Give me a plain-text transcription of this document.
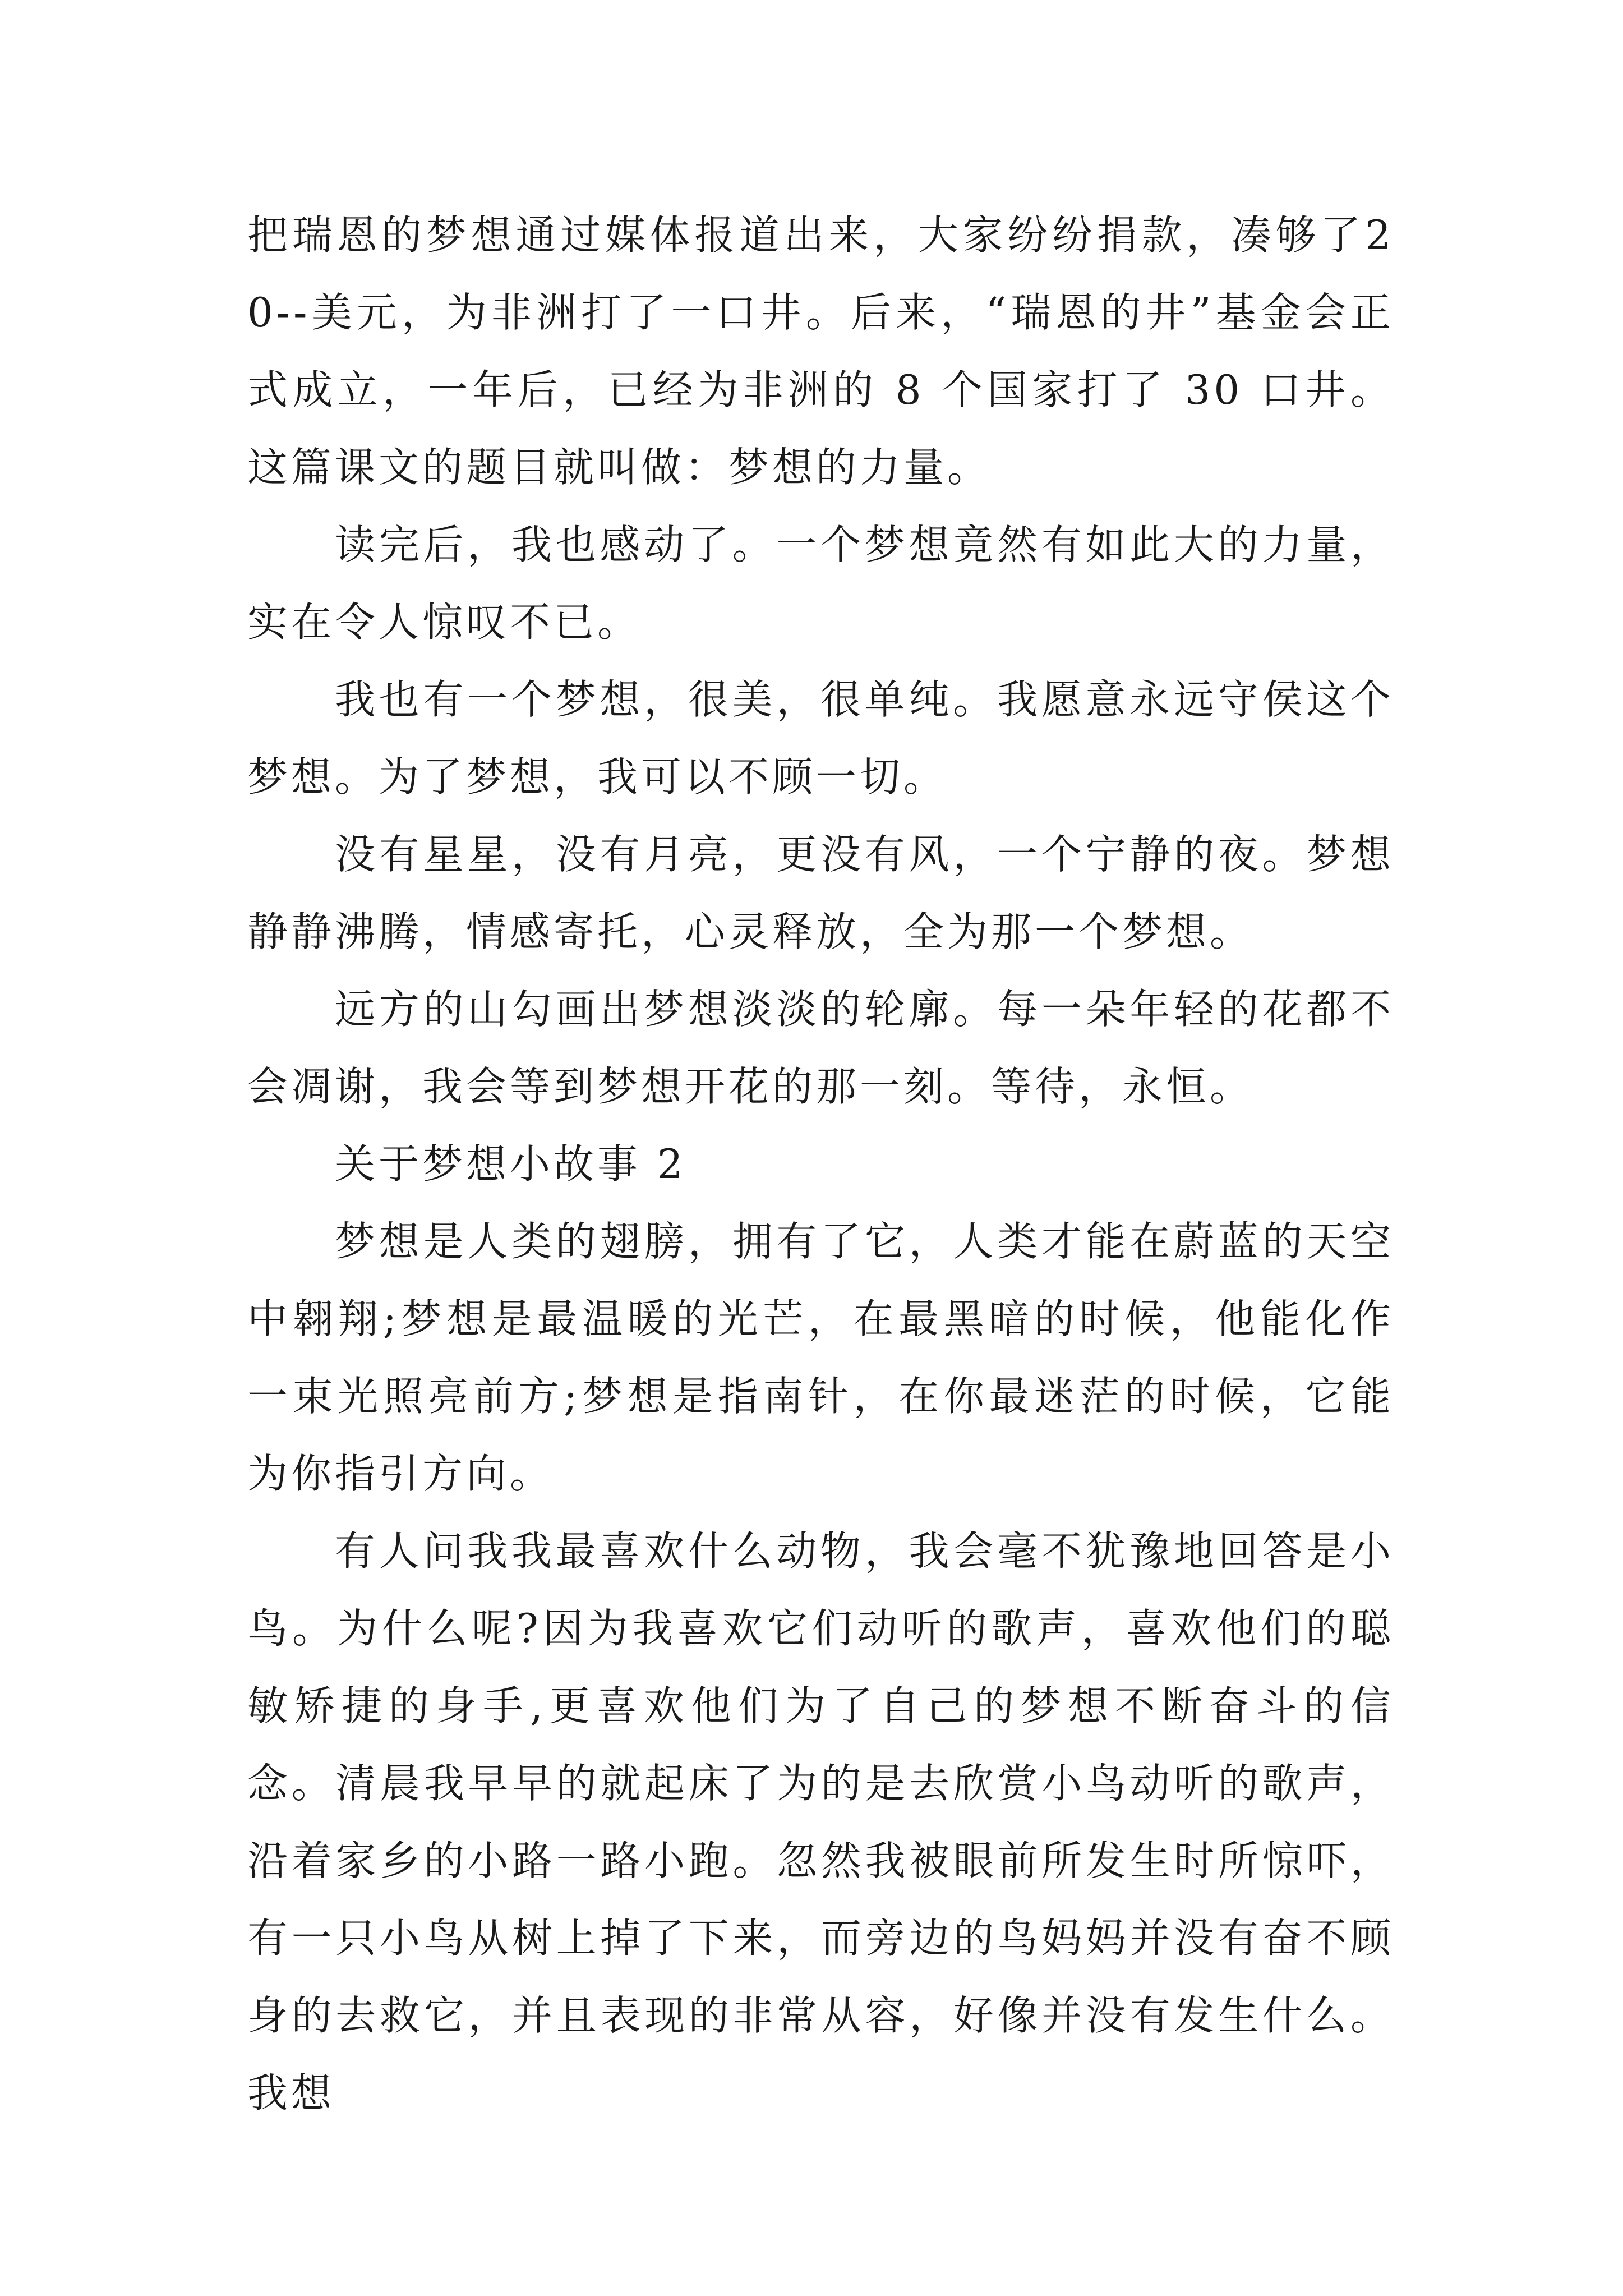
把瑞恩的梦想通过媒体报道出来，大家纷纷捐款，凑够了20--美元，为非洲打了一口井。后来，“瑞恩的井”基金会正式成立，一年后，已经为非洲的 8 个国家打了 30 口井。这篇课文的题目就叫做：梦想的力量。

读完后，我也感动了。一个梦想竟然有如此大的力量，实在令人惊叹不已。

我也有一个梦想，很美，很单纯。我愿意永远守侯这个梦想。为了梦想，我可以不顾一切。

没有星星，没有月亮，更没有风，一个宁静的夜。梦想静静沸腾，情感寄托，心灵释放，全为那一个梦想。

远方的山勾画出梦想淡淡的轮廓。每一朵年轻的花都不会凋谢，我会等到梦想开花的那一刻。等待，永恒。

关于梦想小故事 2

梦想是人类的翅膀，拥有了它，人类才能在蔚蓝的天空中翱翔;梦想是最温暖的光芒，在最黑暗的时候，他能化作一束光照亮前方;梦想是指南针，在你最迷茫的时候，它能为你指引方向。

有人问我我最喜欢什么动物，我会毫不犹豫地回答是小鸟。为什么呢?因为我喜欢它们动听的歌声，喜欢他们的聪敏矫捷的身手,更喜欢他们为了自己的梦想不断奋斗的信念。清晨我早早的就起床了为的是去欣赏小鸟动听的歌声，沿着家乡的小路一路小跑。忽然我被眼前所发生时所惊吓，有一只小鸟从树上掉了下来，而旁边的鸟妈妈并没有奋不顾身的去救它，并且表现的非常从容，好像并没有发生什么。我想
